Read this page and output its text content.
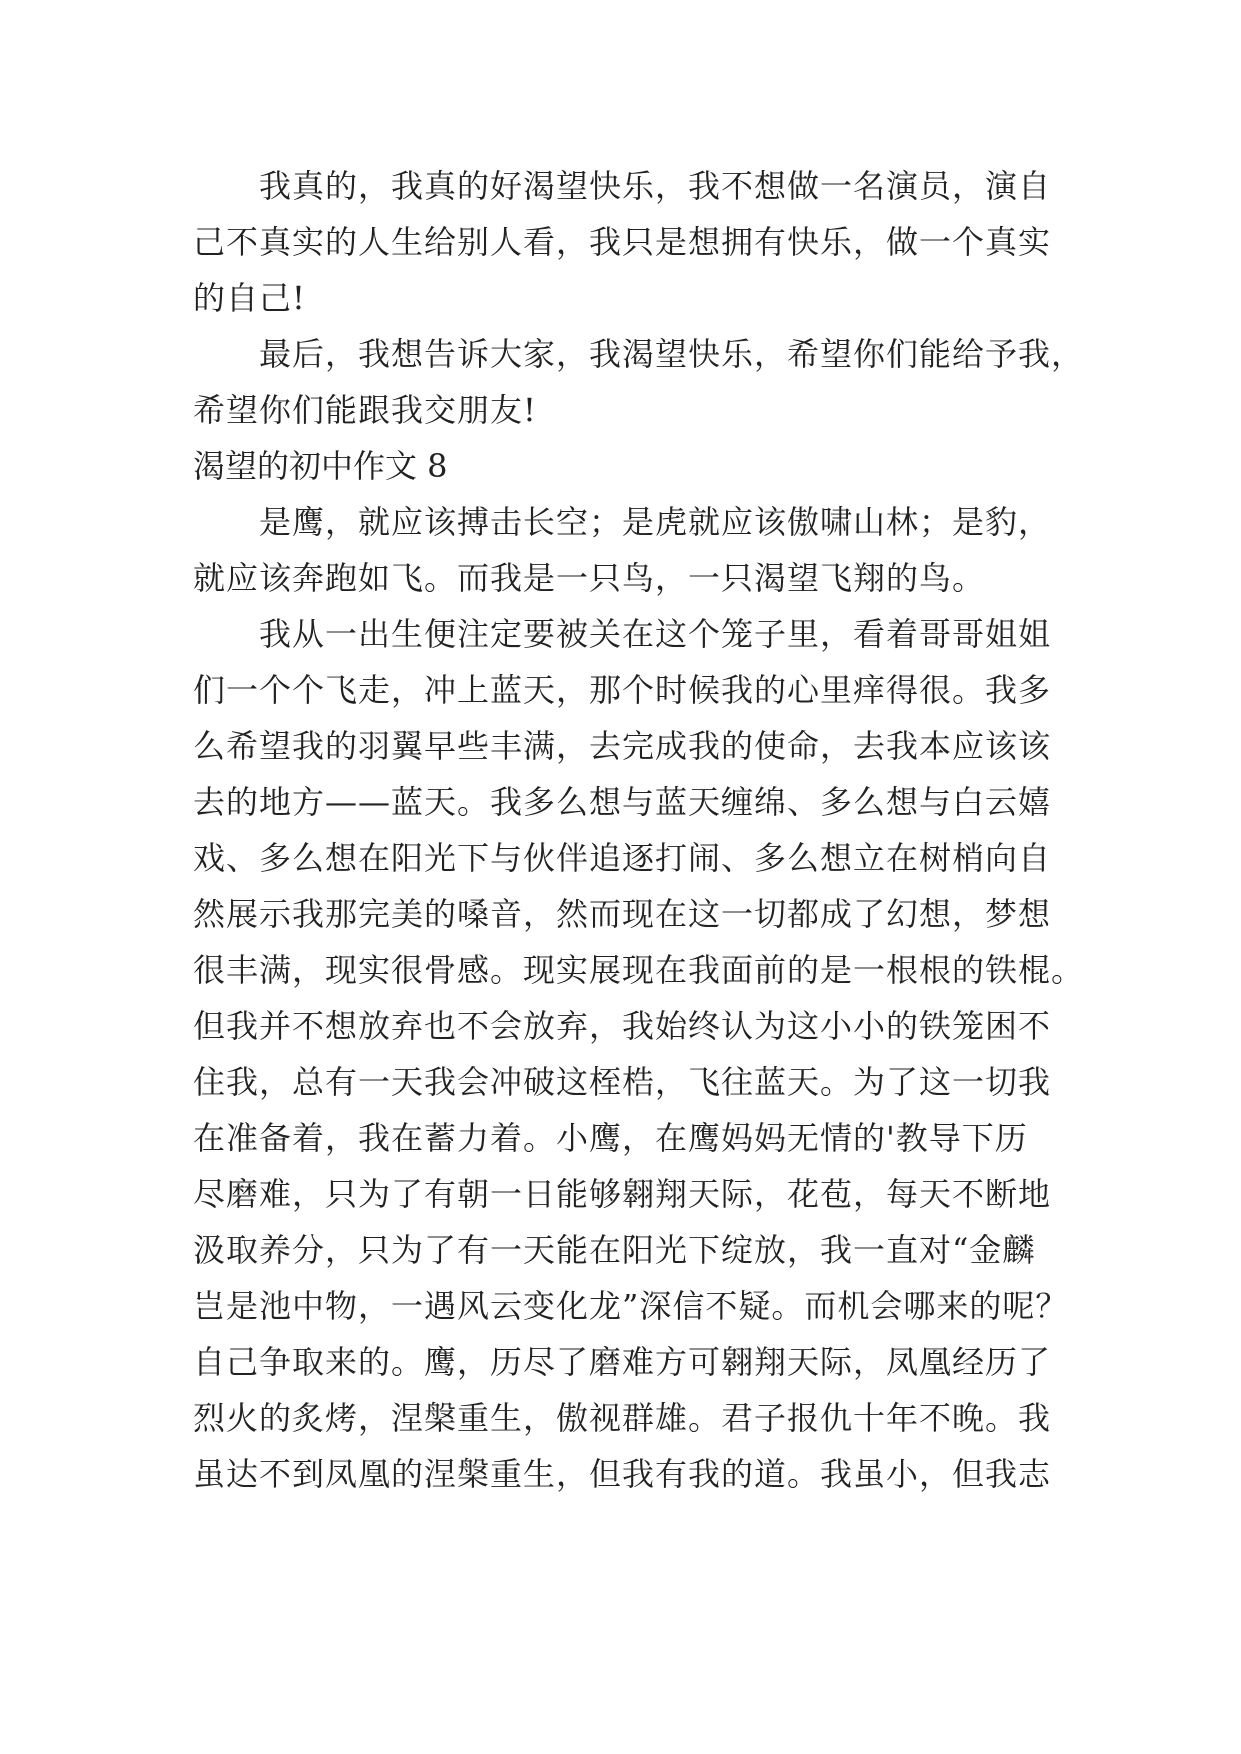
我真的，我真的好渴望快乐，我不想做一名演员，演自
己不真实的人生给别人看，我只是想拥有快乐，做一个真实
的自己!
最后，我想告诉大家，我渴望快乐，希望你们能给予我，
希望你们能跟我交朋友!
渴望的初中作文 8
是鹰，就应该搏击长空；是虎就应该傲啸山林；是豹，
就应该奔跑如飞。而我是一只鸟，一只渴望飞翔的鸟。
我从一出生便注定要被关在这个笼子里，看着哥哥姐姐
们一个个飞走，冲上蓝天，那个时候我的心里痒得很。我多
么希望我的羽翼早些丰满，去完成我的使命，去我本应该该
去的地方——蓝天。我多么想与蓝天缠绵、多么想与白云嬉
戏、多么想在阳光下与伙伴追逐打闹、多么想立在树梢向自
然展示我那完美的嗓音，然而现在这一切都成了幻想，梦想
很丰满，现实很骨感。现实展现在我面前的是一根根的铁棍。
但我并不想放弃也不会放弃，我始终认为这小小的铁笼困不
住我，总有一天我会冲破这桎梏，飞往蓝天。为了这一切我
在准备着，我在蓄力着。小鹰，在鹰妈妈无情的'教导下历
尽磨难，只为了有朝一日能够翱翔天际，花苞，每天不断地
汲取养分，只为了有一天能在阳光下绽放，我一直对“金麟
岂是池中物，一遇风云变化龙”深信不疑。而机会哪来的呢？
自己争取来的。鹰，历尽了磨难方可翱翔天际，凤凰经历了
烈火的炙烤，涅槃重生，傲视群雄。君子报仇十年不晚。我
虽达不到凤凰的涅槃重生，但我有我的道。我虽小，但我志
